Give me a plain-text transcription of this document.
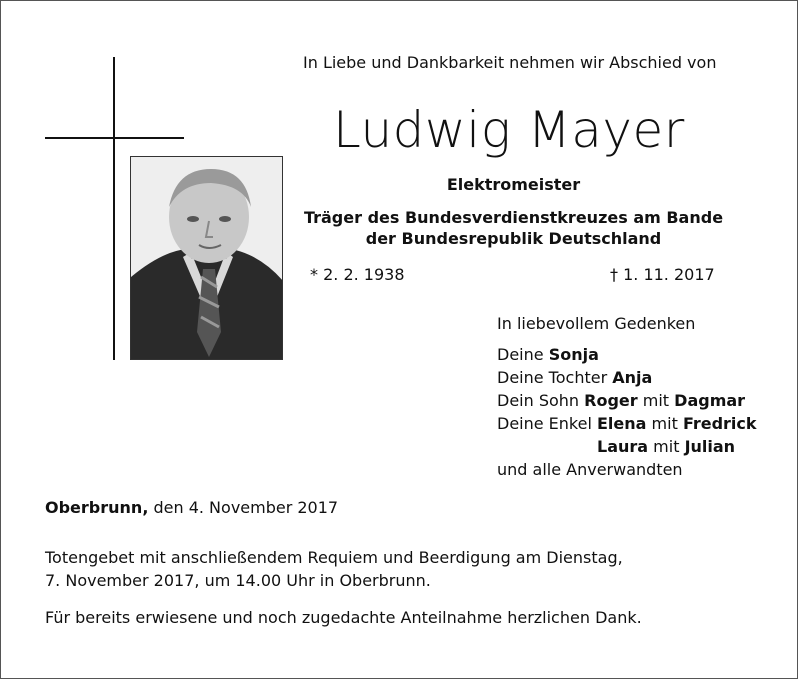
In Liebe und Dankbarkeit nehmen wir Abschied von
Ludwig Mayer
Elektromeister
Träger des Bundesverdienstkreuzes am Bande
der Bundesrepublik Deutschland
* 2. 2. 1938	† 1. 11. 2017
In liebevollem Gedenken
Deine Sonja
Deine Tochter Anja
Dein Sohn Roger mit Dagmar
Deine Enkel Elena mit Fredrick
Laura mit Julian
und alle Anverwandten
Oberbrunn, den 4. November 2017
Totengebet mit anschließendem Requiem und Beerdigung am Dienstag,
7. November 2017, um 14.00 Uhr in Oberbrunn.
Für bereits erwiesene und noch zugedachte Anteilnahme herzlichen Dank.
